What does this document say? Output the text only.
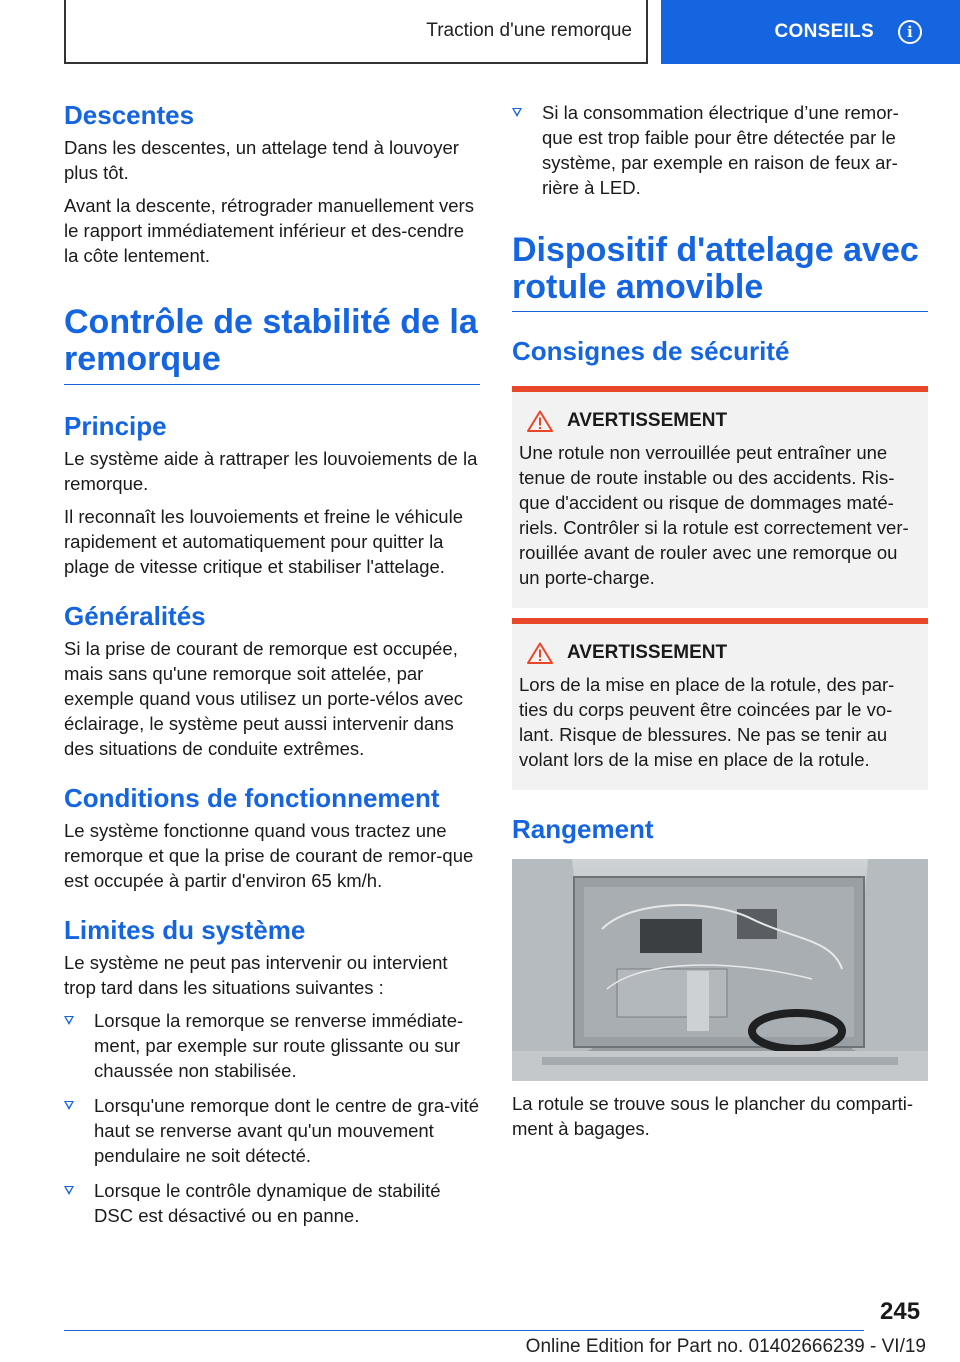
Traction d'une remorque	CONSEILS	i
Descentes

Dans les descentes, un attelage tend à louvoyer plus tôt.

Avant la descente, rétrograder manuellement vers le rapport immédiatement inférieur et des-cendre la côte lentement.

Contrôle de stabilité de la remorque
Principe

Le système aide à rattraper les louvoiements de la remorque.

Il reconnaît les louvoiements et freine le véhicule rapidement et automatiquement pour quitter la plage de vitesse critique et stabiliser l'attelage.

Généralités

Si la prise de courant de remorque est occupée, mais sans qu'une remorque soit attelée, par exemple quand vous utilisez un porte-vélos avec éclairage, le système peut aussi intervenir dans des situations de conduite extrêmes.

Conditions de fonctionnement

Le système fonctionne quand vous tractez une remorque et que la prise de courant de remor-que est occupée à partir d'environ 65 km/h.

Limites du système

Le système ne peut pas intervenir ou intervient trop tard dans les situations suivantes :

Lorsque la remorque se renverse immédiate-ment, par exemple sur route glissante ou sur chaussée non stabilisée.
Lorsqu'une remorque dont le centre de gra-vité haut se renverse avant qu'un mouvement pendulaire ne soit détecté.
Lorsque le contrôle dynamique de stabilité DSC est désactivé ou en panne.
Si la consommation électrique d’une remor-que est trop faible pour être détectée par le système, par exemple en raison de feux ar-rière à LED.
Dispositif d'attelage avec rotule amovible
Consignes de sécurité
AVERTISSEMENT

Une rotule non verrouillée peut entraîner une tenue de route instable ou des accidents. Ris-que d'accident ou risque de dommages maté-riels. Contrôler si la rotule est correctement ver-rouillée avant de rouler avec une remorque ou un porte-charge.

AVERTISSEMENT

Lors de la mise en place de la rotule, des par-ties du corps peuvent être coincées par le vo-lant. Risque de blessures. Ne pas se tenir au volant lors de la mise en place de la rotule.

Rangement

La rotule se trouve sous le plancher du comparti-ment à bagages.

245
Online Edition for Part no. 01402666239 - VI/19
